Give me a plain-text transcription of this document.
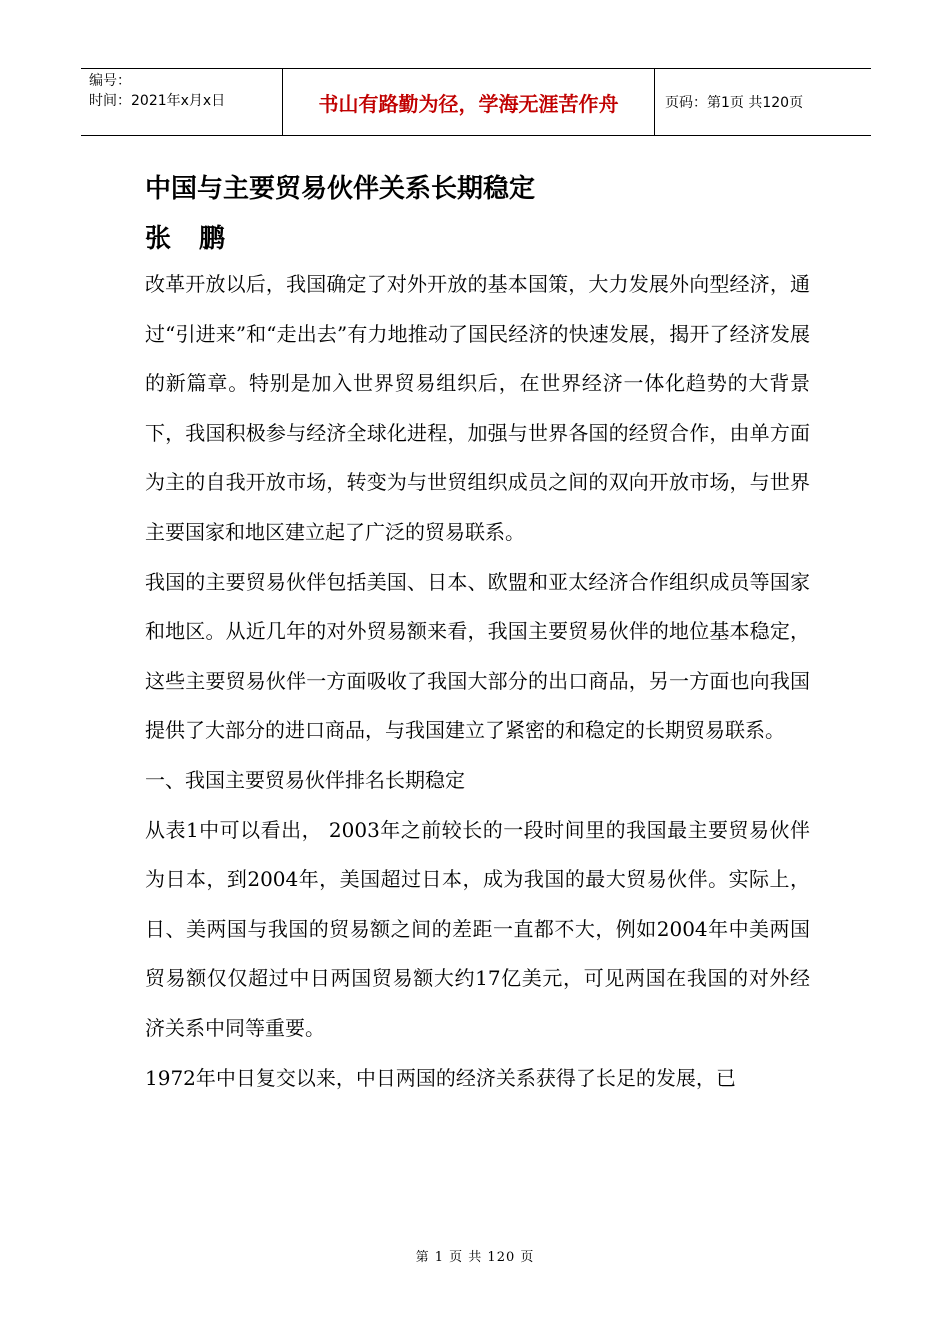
编号：
时间：2021年x月x日	书山有路勤为径，学海无涯苦作舟	页码：第1页 共120页
中国与主要贸易伙伴关系长期稳定
张鹏

改革开放以后，我国确定了对外开放的基本国策，大力发展外向型经济，通过“引进来”和“走出去”有力地推动了国民经济的快速发展，揭开了经济发展的新篇章。特别是加入世界贸易组织后，在世界经济一体化趋势的大背景下，我国积极参与经济全球化进程，加强与世界各国的经贸合作，由单方面为主的自我开放市场，转变为与世贸组织成员之间的双向开放市场，与世界主要国家和地区建立起了广泛的贸易联系。

我国的主要贸易伙伴包括美国、日本、欧盟和亚太经济合作组织成员等国家和地区。从近几年的对外贸易额来看，我国主要贸易伙伴的地位基本稳定，这些主要贸易伙伴一方面吸收了我国大部分的出口商品，另一方面也向我国提供了大部分的进口商品，与我国建立了紧密的和稳定的长期贸易联系。

一、我国主要贸易伙伴排名长期稳定

从表1中可以看出， 2003年之前较长的一段时间里的我国最主要贸易伙伴为日本，到2004年，美国超过日本，成为我国的最大贸易伙伴。实际上，日、美两国与我国的贸易额之间的差距一直都不大，例如2004年中美两国贸易额仅仅超过中日两国贸易额大约17亿美元，可见两国在我国的对外经济关系中同等重要。

1972年中日复交以来，中日两国的经济关系获得了长足的发展，已

第 1 页 共 120 页
